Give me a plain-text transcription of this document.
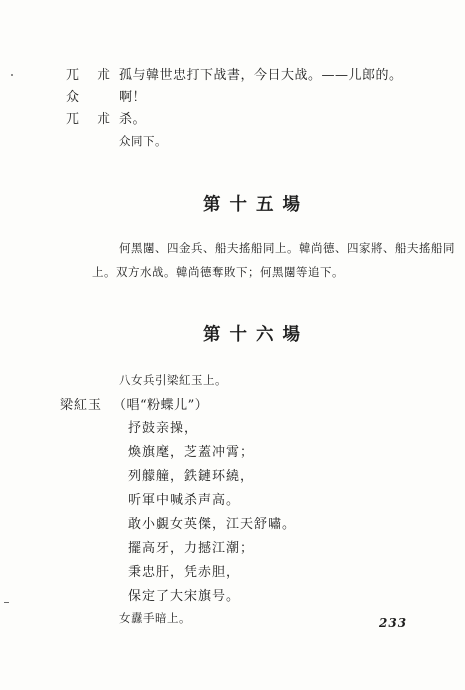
兀 朮 孤与韓世忠打下战書，今日大战。——儿郎的。
众	啊！
兀 朮 杀。
众同下。
第十五場
何黑闥、四金兵、船夫搖船同上。韓尚德、四家將、船夫搖船同
上。双方水战。韓尚德奪敗下；何黑闥等追下。
第十六場
八女兵引梁紅玉上。
梁紅玉 （唱“粉蝶儿”）
抒鼓亲操，
煥旗麾，芝蓋冲霄；
列艨艟，鉄鏈环繞，
听軍中喊杀声高。
敢小覷女英傑，江天舒嘯。
擺高牙，力撼江潮；
秉忠肝，凭赤胆，
保定了大宋旗号。
女纛手暗上。	233
